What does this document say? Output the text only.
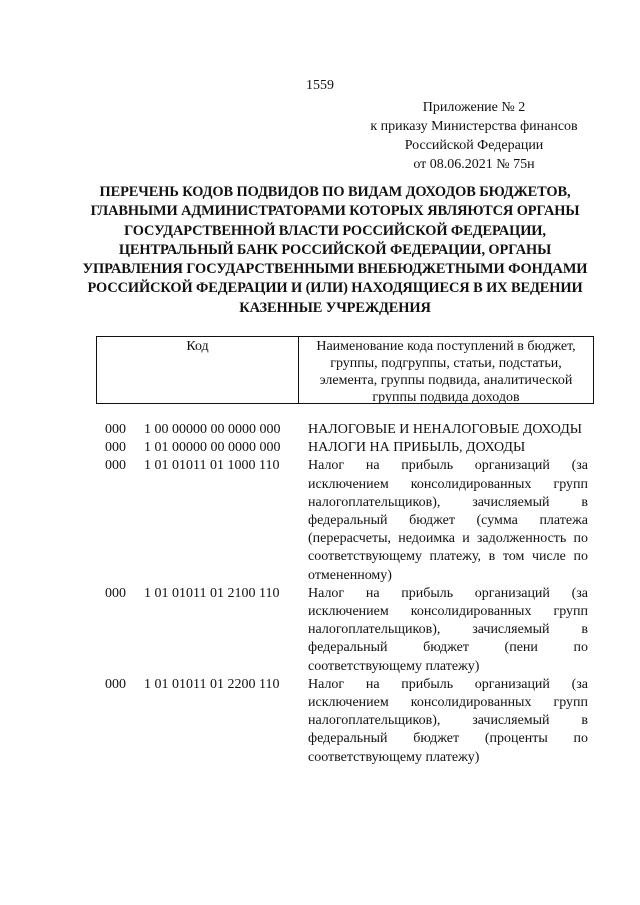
1559
Приложение № 2
к приказу Министерства финансов
Российской Федерации
от 08.06.2021 № 75н
ПЕРЕЧЕНЬ КОДОВ ПОДВИДОВ ПО ВИДАМ ДОХОДОВ БЮДЖЕТОВ, ГЛАВНЫМИ АДМИНИСТРАТОРАМИ КОТОРЫХ ЯВЛЯЮТСЯ ОРГАНЫ ГОСУДАРСТВЕННОЙ ВЛАСТИ РОССИЙСКОЙ ФЕДЕРАЦИИ, ЦЕНТРАЛЬНЫЙ БАНК РОССИЙСКОЙ ФЕДЕРАЦИИ, ОРГАНЫ УПРАВЛЕНИЯ ГОСУДАРСТВЕННЫМИ ВНЕБЮДЖЕТНЫМИ ФОНДАМИ РОССИЙСКОЙ ФЕДЕРАЦИИ И (ИЛИ) НАХОДЯЩИЕСЯ В ИХ ВЕДЕНИИ КАЗЕННЫЕ УЧРЕЖДЕНИЯ
Код	Наименование кода поступлений в бюджет, группы, подгруппы, статьи, подстатьи, элемента, группы подвида, аналитической группы подвида доходов
000	1 00 00000 00 0000 000	НАЛОГОВЫЕ И НЕНАЛОГОВЫЕ ДОХОДЫ
000	1 01 00000 00 0000 000	НАЛОГИ НА ПРИБЫЛЬ, ДОХОДЫ
000	1 01 01011 01 1000 110	Налог на прибыль организаций (за исключением консолидированных групп налогоплательщиков), зачисляемый в федеральный бюджет (сумма платежа (перерасчеты, недоимка и задолженность по соответствующему платежу, в том числе по отмененному)
000	1 01 01011 01 2100 110	Налог на прибыль организаций (за исключением консолидированных групп налогоплательщиков), зачисляемый в федеральный бюджет (пени по соответствующему платежу)
000	1 01 01011 01 2200 110	Налог на прибыль организаций (за исключением консолидированных групп налогоплательщиков), зачисляемый в федеральный бюджет (проценты по соответствующему платежу)
